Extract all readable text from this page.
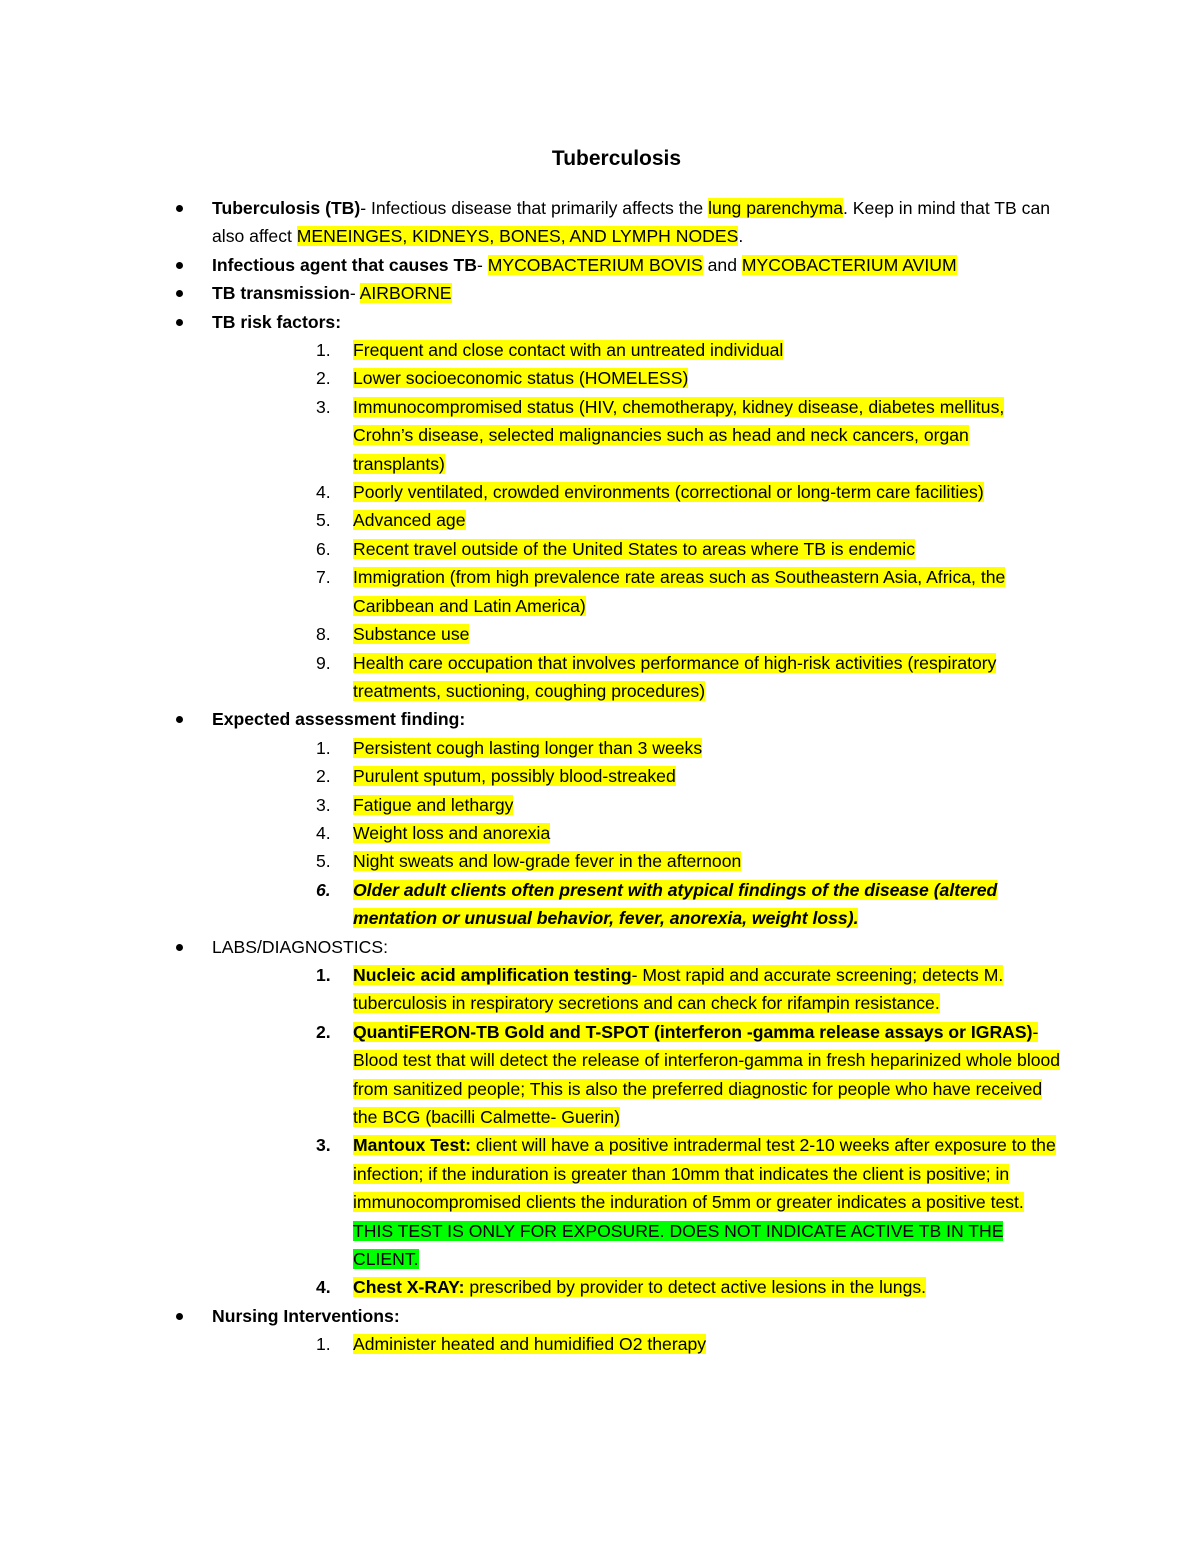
Tuberculosis
Tuberculosis (TB)- Infectious disease that primarily affects the lung parenchyma. Keep in mind that TB can also affect MENEINGES, KIDNEYS, BONES, AND LYMPH NODES.
Infectious agent that causes TB- MYCOBACTERIUM BOVIS and MYCOBACTERIUM AVIUM
TB transmission- AIRBORNE
TB risk factors:
1. Frequent and close contact with an untreated individual
2. Lower socioeconomic status (HOMELESS)
3. Immunocompromised status (HIV, chemotherapy, kidney disease, diabetes mellitus, Crohn’s disease, selected malignancies such as head and neck cancers, organ transplants)
4. Poorly ventilated, crowded environments (correctional or long-term care facilities)
5. Advanced age
6. Recent travel outside of the United States to areas where TB is endemic
7. Immigration (from high prevalence rate areas such as Southeastern Asia, Africa, the Caribbean and Latin America)
8. Substance use
9. Health care occupation that involves performance of high-risk activities (respiratory treatments, suctioning, coughing procedures)
Expected assessment finding:
1. Persistent cough lasting longer than 3 weeks
2. Purulent sputum, possibly blood-streaked
3. Fatigue and lethargy
4. Weight loss and anorexia
5. Night sweats and low-grade fever in the afternoon
6. Older adult clients often present with atypical findings of the disease (altered mentation or unusual behavior, fever, anorexia, weight loss).
LABS/DIAGNOSTICS:
1. Nucleic acid amplification testing- Most rapid and accurate screening; detects M. tuberculosis in respiratory secretions and can check for rifampin resistance.
2. QuantiFERON-TB Gold and T-SPOT (interferon -gamma release assays or IGRAS)- Blood test that will detect the release of interferon-gamma in fresh heparinized whole blood from sanitized people; This is also the preferred diagnostic for people who have received the BCG (bacilli Calmette- Guerin)
3. Mantoux Test: client will have a positive intradermal test 2-10 weeks after exposure to the infection; if the induration is greater than 10mm that indicates the client is positive; in immunocompromised clients the induration of 5mm or greater indicates a positive test. THIS TEST IS ONLY FOR EXPOSURE. DOES NOT INDICATE ACTIVE TB IN THE CLIENT.
4. Chest X-RAY: prescribed by provider to detect active lesions in the lungs.
Nursing Interventions:
1. Administer heated and humidified O2 therapy
